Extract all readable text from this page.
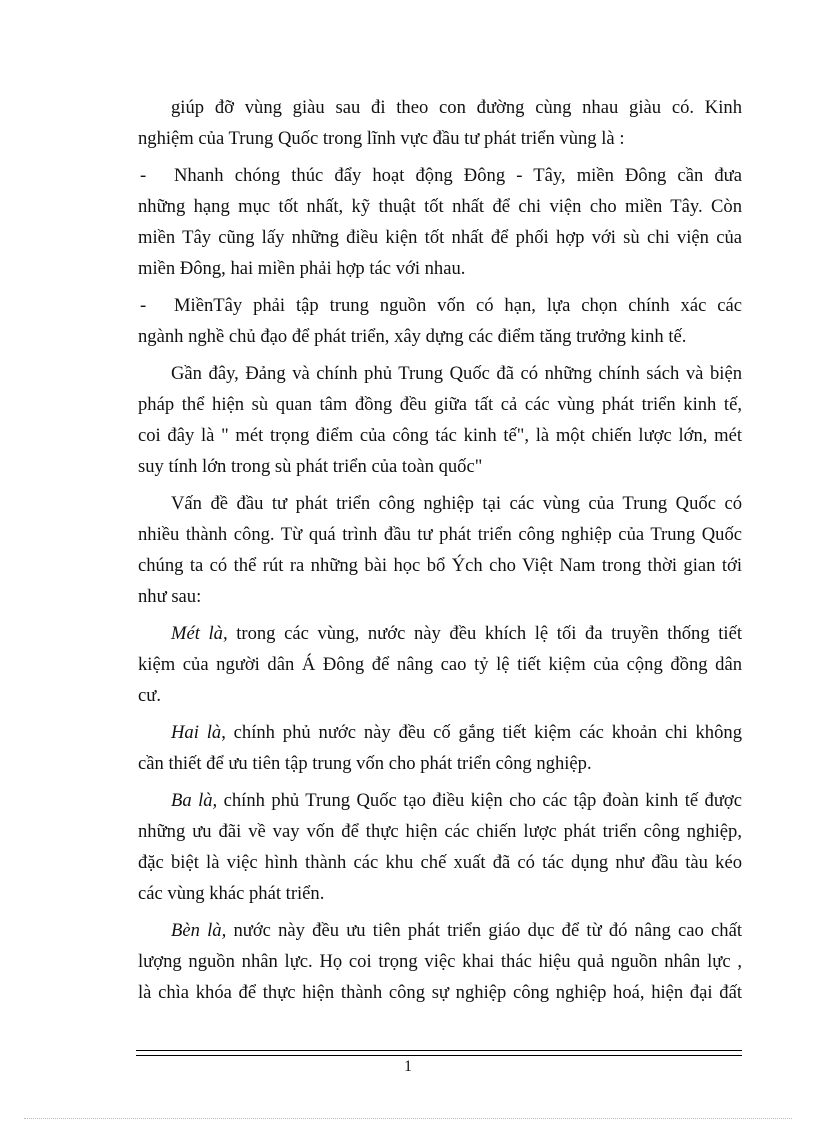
giúp đỡ vùng giàu sau đi theo con đường cùng nhau giàu có. Kinh
nghiệm của Trung Quốc trong lĩnh vực đầu tư phát triển vùng là :
-	Nhanh chóng thúc đẩy hoạt động Đông - Tây, miền Đông cần đưa
những hạng mục tốt nhất, kỹ thuật tốt nhất để chi viện cho miền Tây. Còn
miền Tây cũng lấy những điều kiện tốt nhất để phối hợp với sù chi viện của
miền Đông, hai miền phải hợp tác với nhau.
-	MiềnTây phải tập trung nguồn vốn có hạn, lựa chọn chính xác các
ngành nghề chủ đạo để phát triển, xây dựng các điểm tăng trưởng kinh tế.
Gần đây, Đảng và chính phủ Trung Quốc đã có những chính sách và biện
pháp thể hiện sù quan tâm đồng đều giữa tất cả các vùng phát triển kinh tế,
coi đây là " mét trọng điểm của công tác kinh tế", là một chiến lược lớn, mét
suy tính lớn trong sù phát triển của toàn quốc"
Vấn đề đầu tư phát triển công nghiệp tại các vùng của Trung Quốc có
nhiều thành công. Từ quá trình đầu tư phát triển công nghiệp của Trung Quốc
chúng ta có thể rút ra những bài học bổ Ých cho Việt Nam trong thời gian tới
như sau:
Mét là, trong các vùng, nước này đều khích lệ tối đa truyền thống tiết
kiệm của người dân Á Đông để nâng cao tỷ lệ tiết kiệm của cộng đồng dân
cư.
Hai là, chính phủ nước này đều cố gắng tiết kiệm các khoản chi không
cần thiết để ưu tiên tập trung vốn cho phát triển công nghiệp.
Ba là, chính phủ Trung Quốc tạo điều kiện cho các tập đoàn kinh tế được
những ưu đãi về vay vốn để thực hiện các chiến lược phát triển công nghiệp,
đặc biệt là việc hình thành các khu chế xuất đã có tác dụng như đầu tàu kéo
các vùng khác phát triển.
Bèn là, nước này đều ưu tiên phát triển giáo dục để từ đó nâng cao chất
lượng nguồn nhân lực. Họ coi trọng việc khai thác hiệu quả nguồn nhân lực ,
là chìa khóa để thực hiện thành công sự nghiệp công nghiệp hoá, hiện đại đất
1
